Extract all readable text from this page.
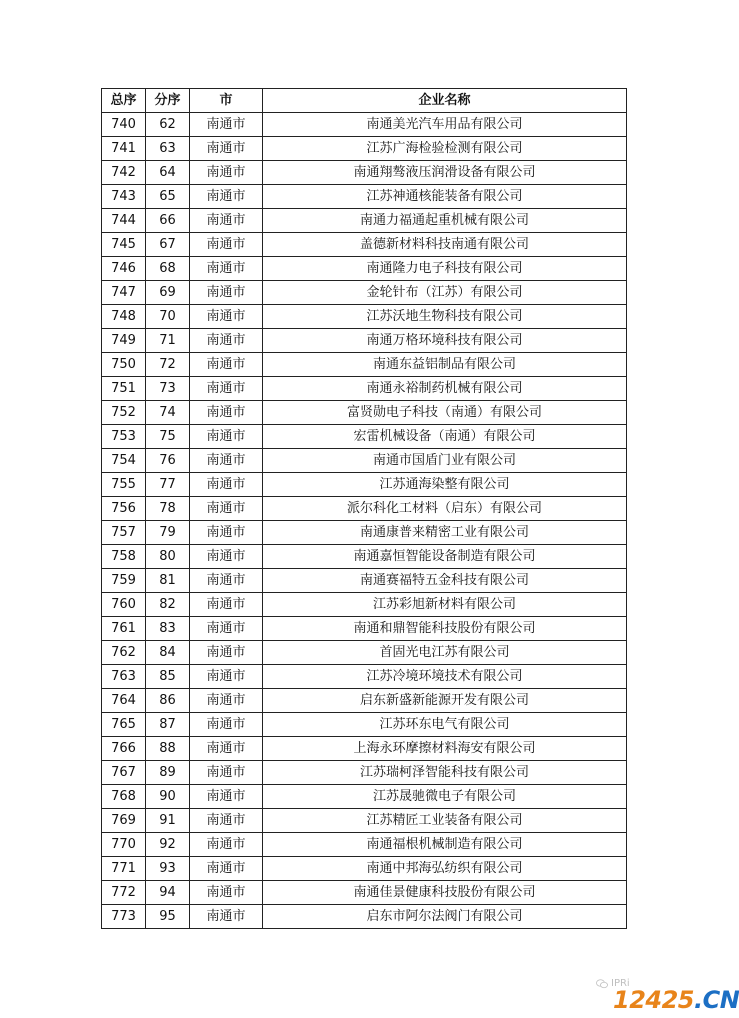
总序	分序	市	企业名称
740	62	南通市	南通美光汽车用品有限公司
741	63	南通市	江苏广海检验检测有限公司
742	64	南通市	南通翔骜液压润滑设备有限公司
743	65	南通市	江苏神通核能装备有限公司
744	66	南通市	南通力福通起重机械有限公司
745	67	南通市	盖德新材料科技南通有限公司
746	68	南通市	南通隆力电子科技有限公司
747	69	南通市	金轮针布（江苏）有限公司
748	70	南通市	江苏沃地生物科技有限公司
749	71	南通市	南通万格环境科技有限公司
750	72	南通市	南通东益铝制品有限公司
751	73	南通市	南通永裕制药机械有限公司
752	74	南通市	富贤勋电子科技（南通）有限公司
753	75	南通市	宏雷机械设备（南通）有限公司
754	76	南通市	南通市国盾门业有限公司
755	77	南通市	江苏通海染整有限公司
756	78	南通市	派尔科化工材料（启东）有限公司
757	79	南通市	南通康普来精密工业有限公司
758	80	南通市	南通嘉恒智能设备制造有限公司
759	81	南通市	南通赛福特五金科技有限公司
760	82	南通市	江苏彩旭新材料有限公司
761	83	南通市	南通和鼎智能科技股份有限公司
762	84	南通市	首固光电江苏有限公司
763	85	南通市	江苏冷境环境技术有限公司
764	86	南通市	启东新盛新能源开发有限公司
765	87	南通市	江苏环东电气有限公司
766	88	南通市	上海永环摩擦材料海安有限公司
767	89	南通市	江苏瑞柯泽智能科技有限公司
768	90	南通市	江苏晟驰微电子有限公司
769	91	南通市	江苏精匠工业装备有限公司
770	92	南通市	南通福根机械制造有限公司
771	93	南通市	南通中邦海弘纺织有限公司
772	94	南通市	南通佳景健康科技股份有限公司
773	95	南通市	启东市阿尔法阀门有限公司
IPRi
12425.CN
